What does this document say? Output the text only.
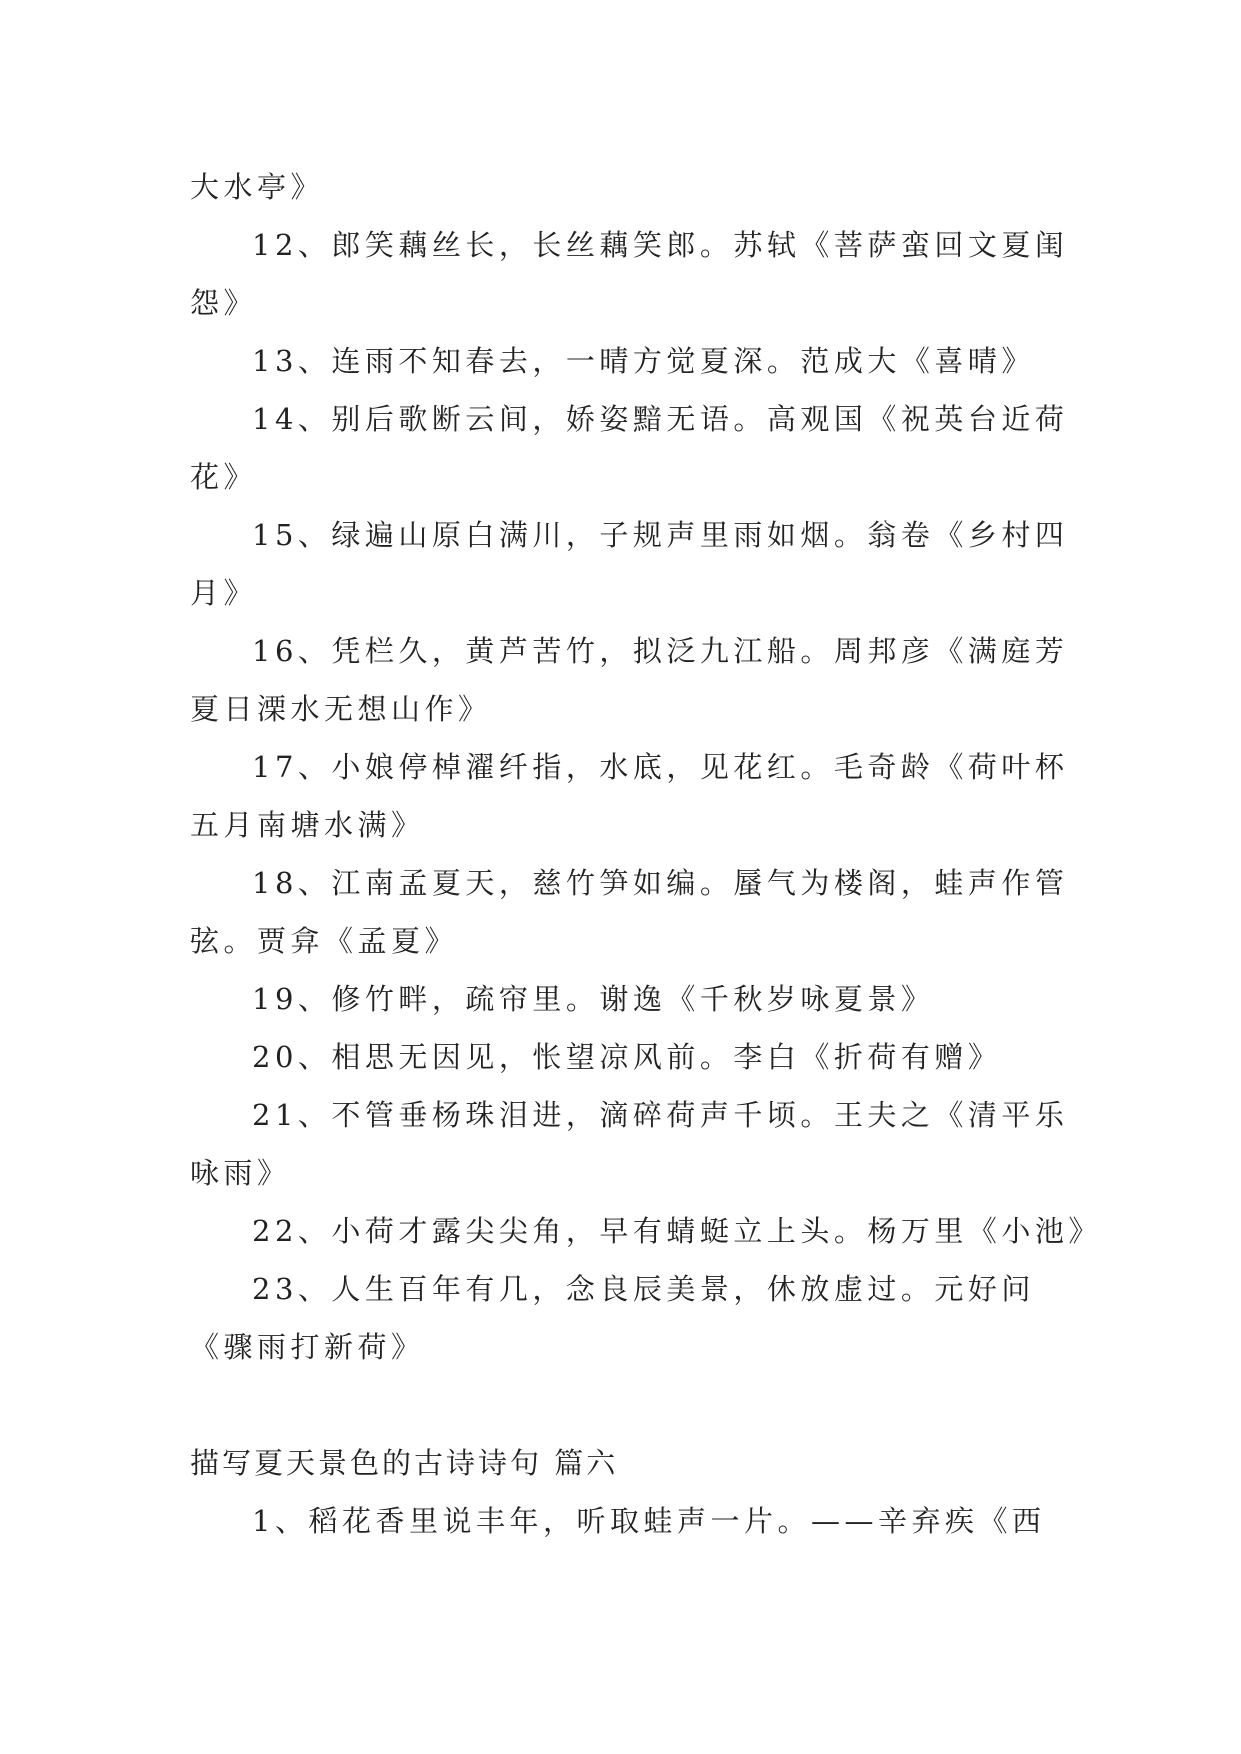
大水亭》
12、郎笑藕丝长，长丝藕笑郎。苏轼《菩萨蛮回文夏闺
怨》
13、连雨不知春去，一晴方觉夏深。范成大《喜晴》
14、别后歌断云间，娇姿黯无语。高观国《祝英台近荷
花》
15、绿遍山原白满川，子规声里雨如烟。翁卷《乡村四
月》
16、凭栏久，黄芦苦竹，拟泛九江船。周邦彦《满庭芳
夏日溧水无想山作》
17、小娘停棹濯纤指，水底，见花红。毛奇龄《荷叶杯
五月南塘水满》
18、江南孟夏天，慈竹笋如编。蜃气为楼阁，蛙声作管
弦。贾弇《孟夏》
19、修竹畔，疏帘里。谢逸《千秋岁咏夏景》
20、相思无因见，怅望凉风前。李白《折荷有赠》
21、不管垂杨珠泪进，滴碎荷声千顷。王夫之《清平乐
咏雨》
22、小荷才露尖尖角，早有蜻蜓立上头。杨万里《小池》
23、人生百年有几，念良辰美景，休放虚过。元好问
《骤雨打新荷》
描写夏天景色的古诗诗句 篇六
1、稻花香里说丰年，听取蛙声一片。——辛弃疾《西
